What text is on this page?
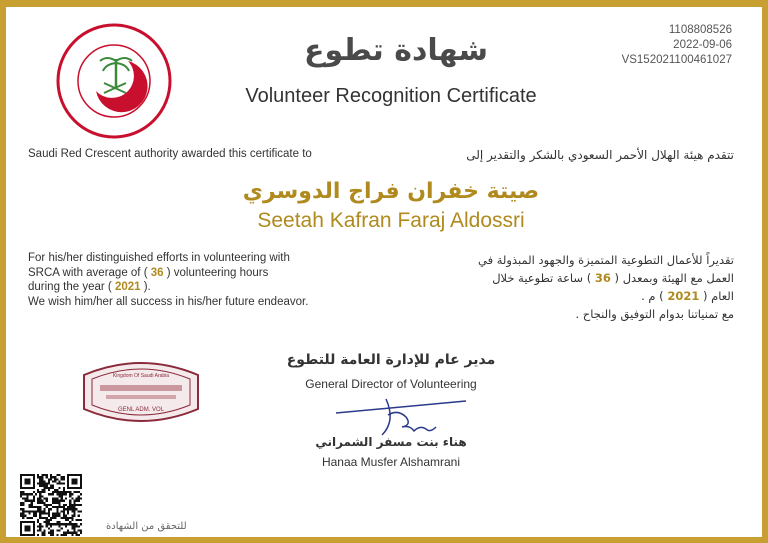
شهادة تطوع
Volunteer Recognition Certificate
1108808526
2022-09-06
VS152021100461027
Saudi Red Crescent authority awarded this certificate to	تتقدم هيئة الهلال الأحمر السعودي بالشكر والتقدير إلى
صيتة خفران فراج الدوسري
Seetah Kafran Faraj Aldossri
For his/her distinguished efforts in volunteering with
SRCA with average of ( 36 ) volunteering hours
during the year ( 2021 ).
We wish him/her all success in his/her future endeavor.
تقديراً للأعمال التطوعية المتميزة والجهود المبذولة في
العمل مع الهيئة وبمعدل ( 36 ) ساعة تطوعية خلال
العام ( 2021 ) م .
مع تمنياتنا بدوام التوفيق والنجاح .
Kingdom Of Saudi Arabia
GENL ADM. VOL
مدير عام للإدارة العامة للتطوع
General Director of Volunteering
هناء بنت مسفر الشمراني
Hanaa Musfer Alshamrani
للتحقق من الشهادة
